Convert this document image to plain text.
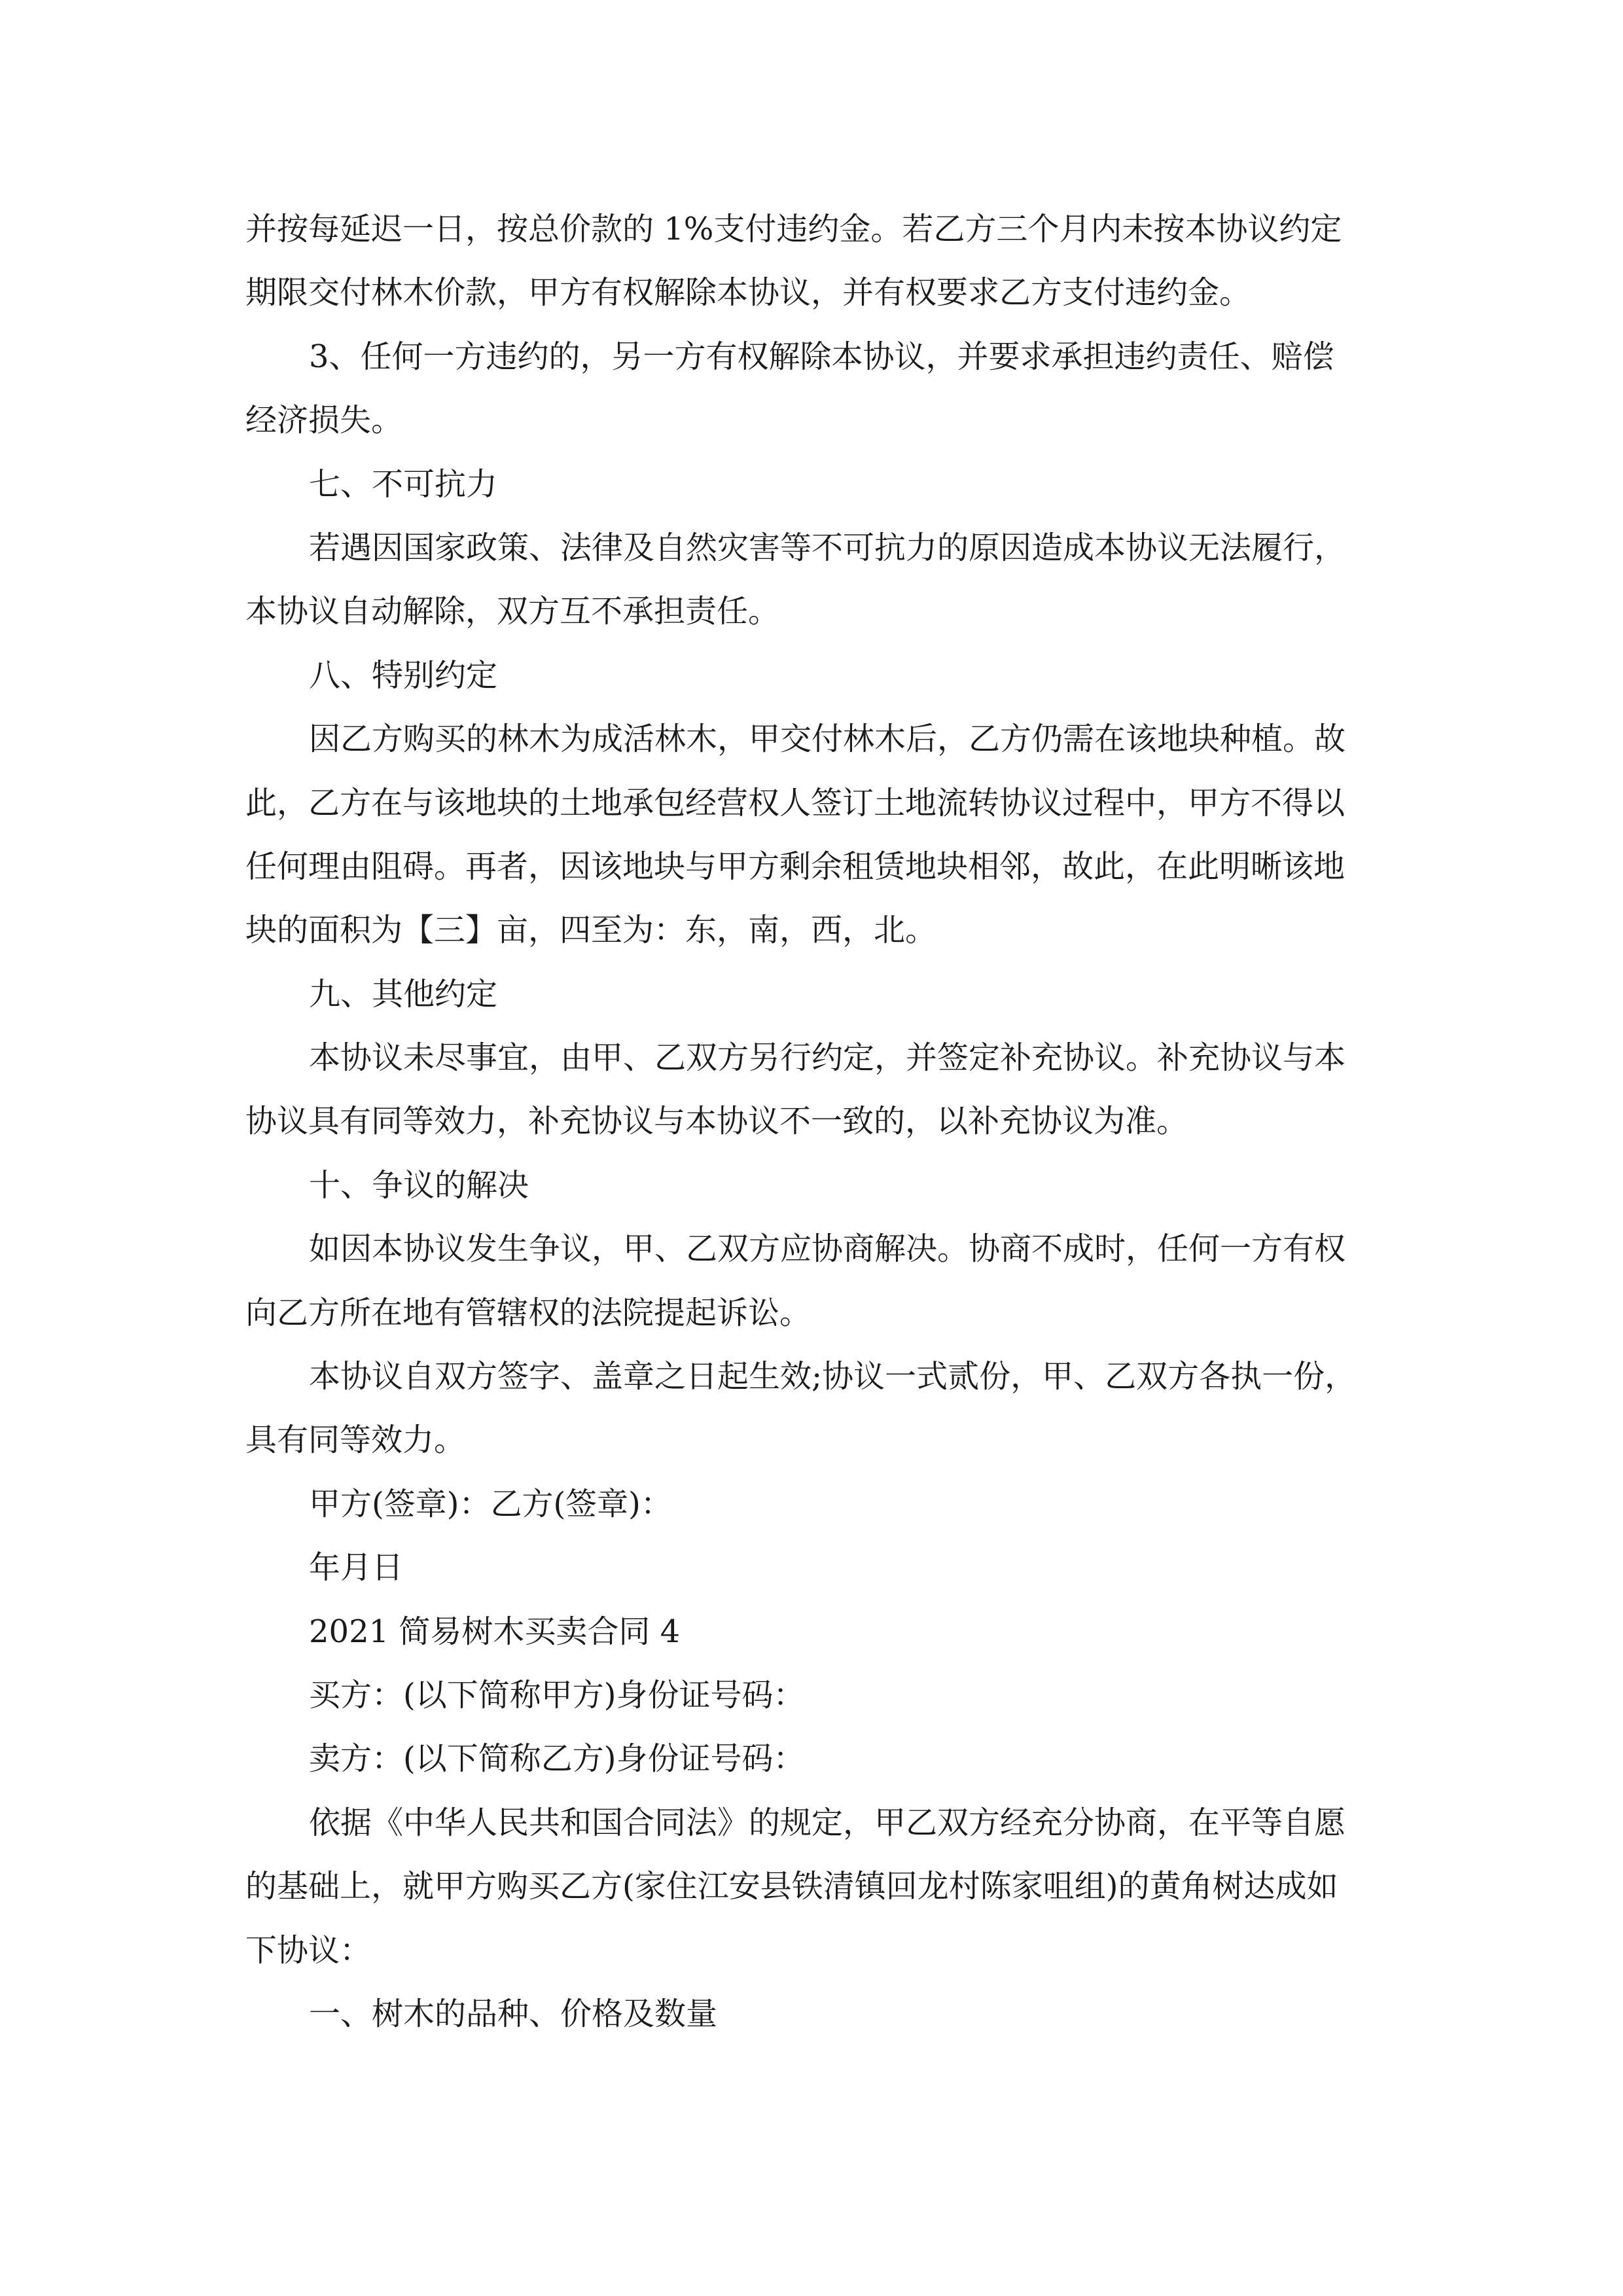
并按每延迟一日，按总价款的 1%支付违约金。若乙方三个月内未按本协议约定

期限交付林木价款，甲方有权解除本协议，并有权要求乙方支付违约金。

3、任何一方违约的，另一方有权解除本协议，并要求承担违约责任、赔偿

经济损失。

七、不可抗力

若遇因国家政策、法律及自然灾害等不可抗力的原因造成本协议无法履行，

本协议自动解除，双方互不承担责任。

八、特别约定

因乙方购买的林木为成活林木，甲交付林木后，乙方仍需在该地块种植。故

此，乙方在与该地块的土地承包经营权人签订土地流转协议过程中，甲方不得以

任何理由阻碍。再者，因该地块与甲方剩余租赁地块相邻，故此，在此明晰该地

块的面积为【三】亩，四至为：东，南，西，北。

九、其他约定

本协议未尽事宜，由甲、乙双方另行约定，并签定补充协议。补充协议与本

协议具有同等效力，补充协议与本协议不一致的，以补充协议为准。

十、争议的解决

如因本协议发生争议，甲、乙双方应协商解决。协商不成时，任何一方有权

向乙方所在地有管辖权的法院提起诉讼。

本协议自双方签字、盖章之日起生效;协议一式贰份，甲、乙双方各执一份，

具有同等效力。

甲方(签章)：乙方(签章)：

年月日

2021 简易树木买卖合同 4

买方：(以下简称甲方)身份证号码：

卖方：(以下简称乙方)身份证号码：

依据《中华人民共和国合同法》的规定，甲乙双方经充分协商，在平等自愿

的基础上，就甲方购买乙方(家住江安县铁清镇回龙村陈家咀组)的黄角树达成如

下协议：

一、树木的品种、价格及数量
